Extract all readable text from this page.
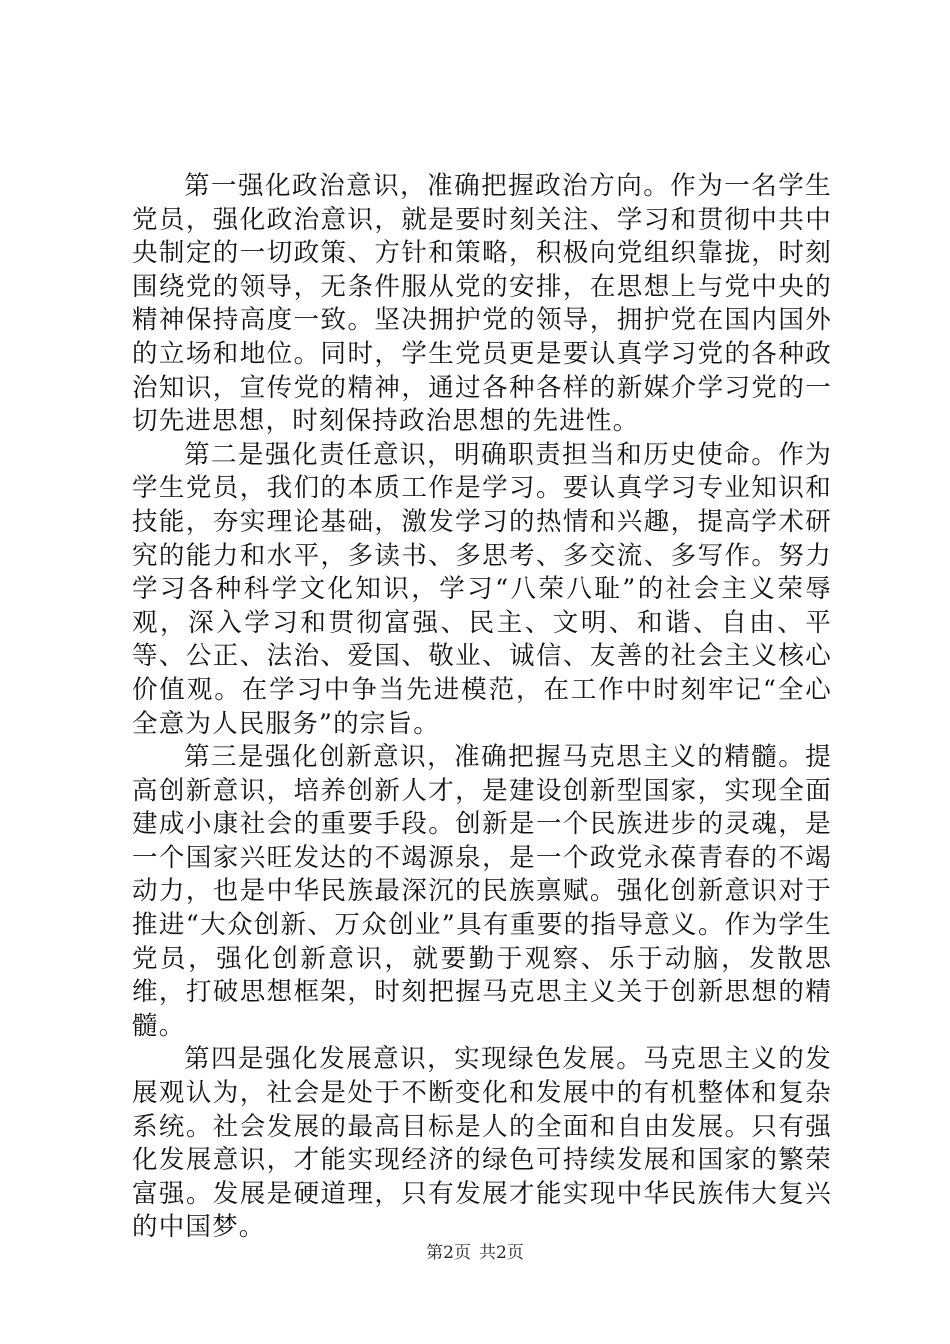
第一强化政治意识，准确把握政治方向。作为一名学生党员，强化政治意识，就是要时刻关注、学习和贯彻中共中央制定的一切政策、方针和策略，积极向党组织靠拢，时刻围绕党的领导，无条件服从党的安排，在思想上与党中央的精神保持高度一致。坚决拥护党的领导，拥护党在国内国外的立场和地位。同时，学生党员更是要认真学习党的各种政治知识，宣传党的精神，通过各种各样的新媒介学习党的一切先进思想，时刻保持政治思想的先进性。

第二是强化责任意识，明确职责担当和历史使命。作为学生党员，我们的本质工作是学习。要认真学习专业知识和技能，夯实理论基础，激发学习的热情和兴趣，提高学术研究的能力和水平，多读书、多思考、多交流、多写作。努力学习各种科学文化知识，学习“八荣八耻”的社会主义荣辱观，深入学习和贯彻富强、民主、文明、和谐、自由、平等、公正、法治、爱国、敬业、诚信、友善的社会主义核心价值观。在学习中争当先进模范，在工作中时刻牢记“全心全意为人民服务”的宗旨。

第三是强化创新意识，准确把握马克思主义的精髓。提高创新意识，培养创新人才，是建设创新型国家，实现全面建成小康社会的重要手段。创新是一个民族进步的灵魂，是一个国家兴旺发达的不竭源泉，是一个政党永葆青春的不竭动力，也是中华民族最深沉的民族禀赋。强化创新意识对于推进“大众创新、万众创业”具有重要的指导意义。作为学生党员，强化创新意识，就要勤于观察、乐于动脑，发散思维，打破思想框架，时刻把握马克思主义关于创新思想的精髓。

第四是强化发展意识，实现绿色发展。马克思主义的发展观认为，社会是处于不断变化和发展中的有机整体和复杂系统。社会发展的最高目标是人的全面和自由发展。只有强化发展意识，才能实现经济的绿色可持续发展和国家的繁荣富强。发展是硬道理，只有发展才能实现中华民族伟大复兴的中国梦。

第2页 共2页
